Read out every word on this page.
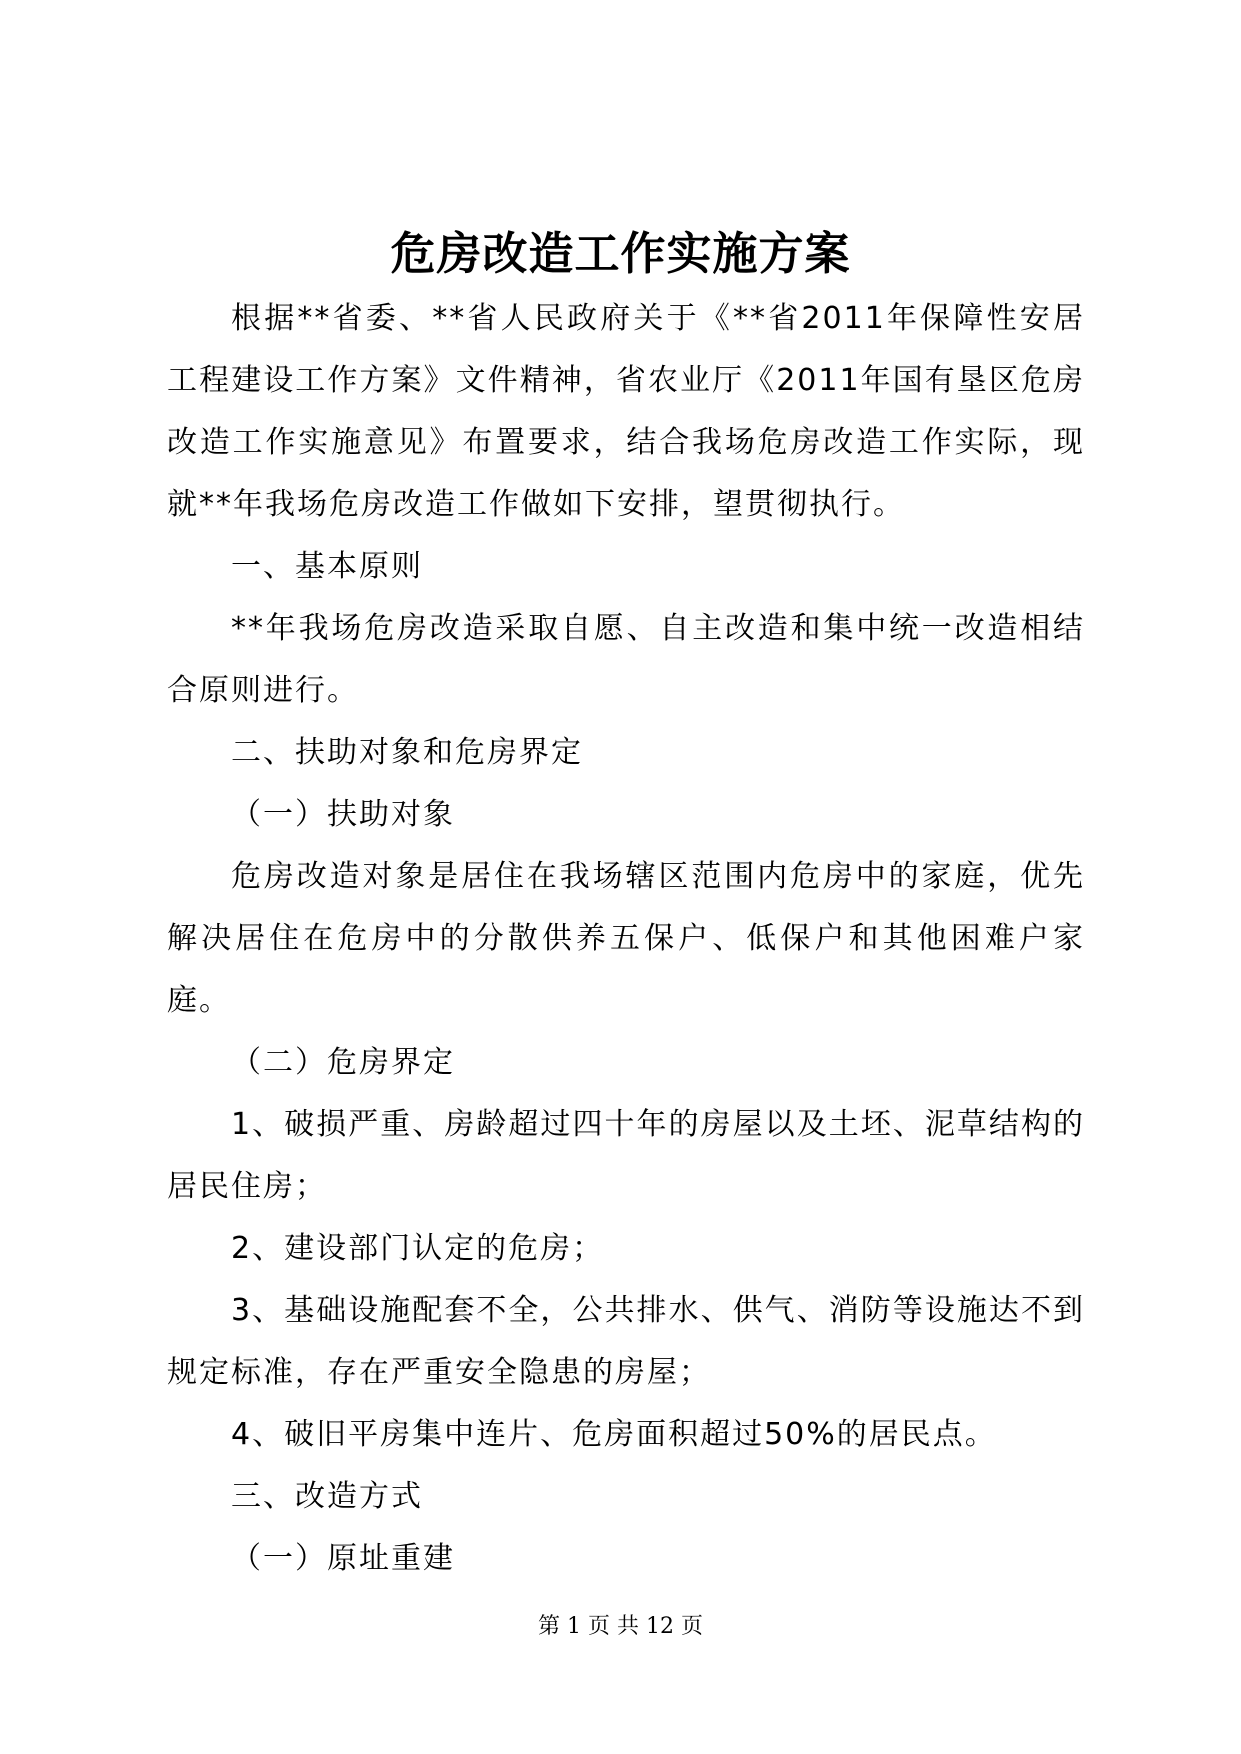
危房改造工作实施方案

根据**省委、**省人民政府关于《**省2011年保障性安居工程建设工作方案》文件精神，省农业厅《2011年国有垦区危房改造工作实施意见》布置要求，结合我场危房改造工作实际，现就**年我场危房改造工作做如下安排，望贯彻执行。

一、基本原则

**年我场危房改造采取自愿、自主改造和集中统一改造相结合原则进行。

二、扶助对象和危房界定

（一）扶助对象

危房改造对象是居住在我场辖区范围内危房中的家庭，优先解决居住在危房中的分散供养五保户、低保户和其他困难户家庭。

（二）危房界定

1、破损严重、房龄超过四十年的房屋以及土坯、泥草结构的居民住房；

2、建设部门认定的危房；

3、基础设施配套不全，公共排水、供气、消防等设施达不到规定标准，存在严重安全隐患的房屋；

4、破旧平房集中连片、危房面积超过50%的居民点。

三、改造方式

（一）原址重建

第 1 页 共 12 页
